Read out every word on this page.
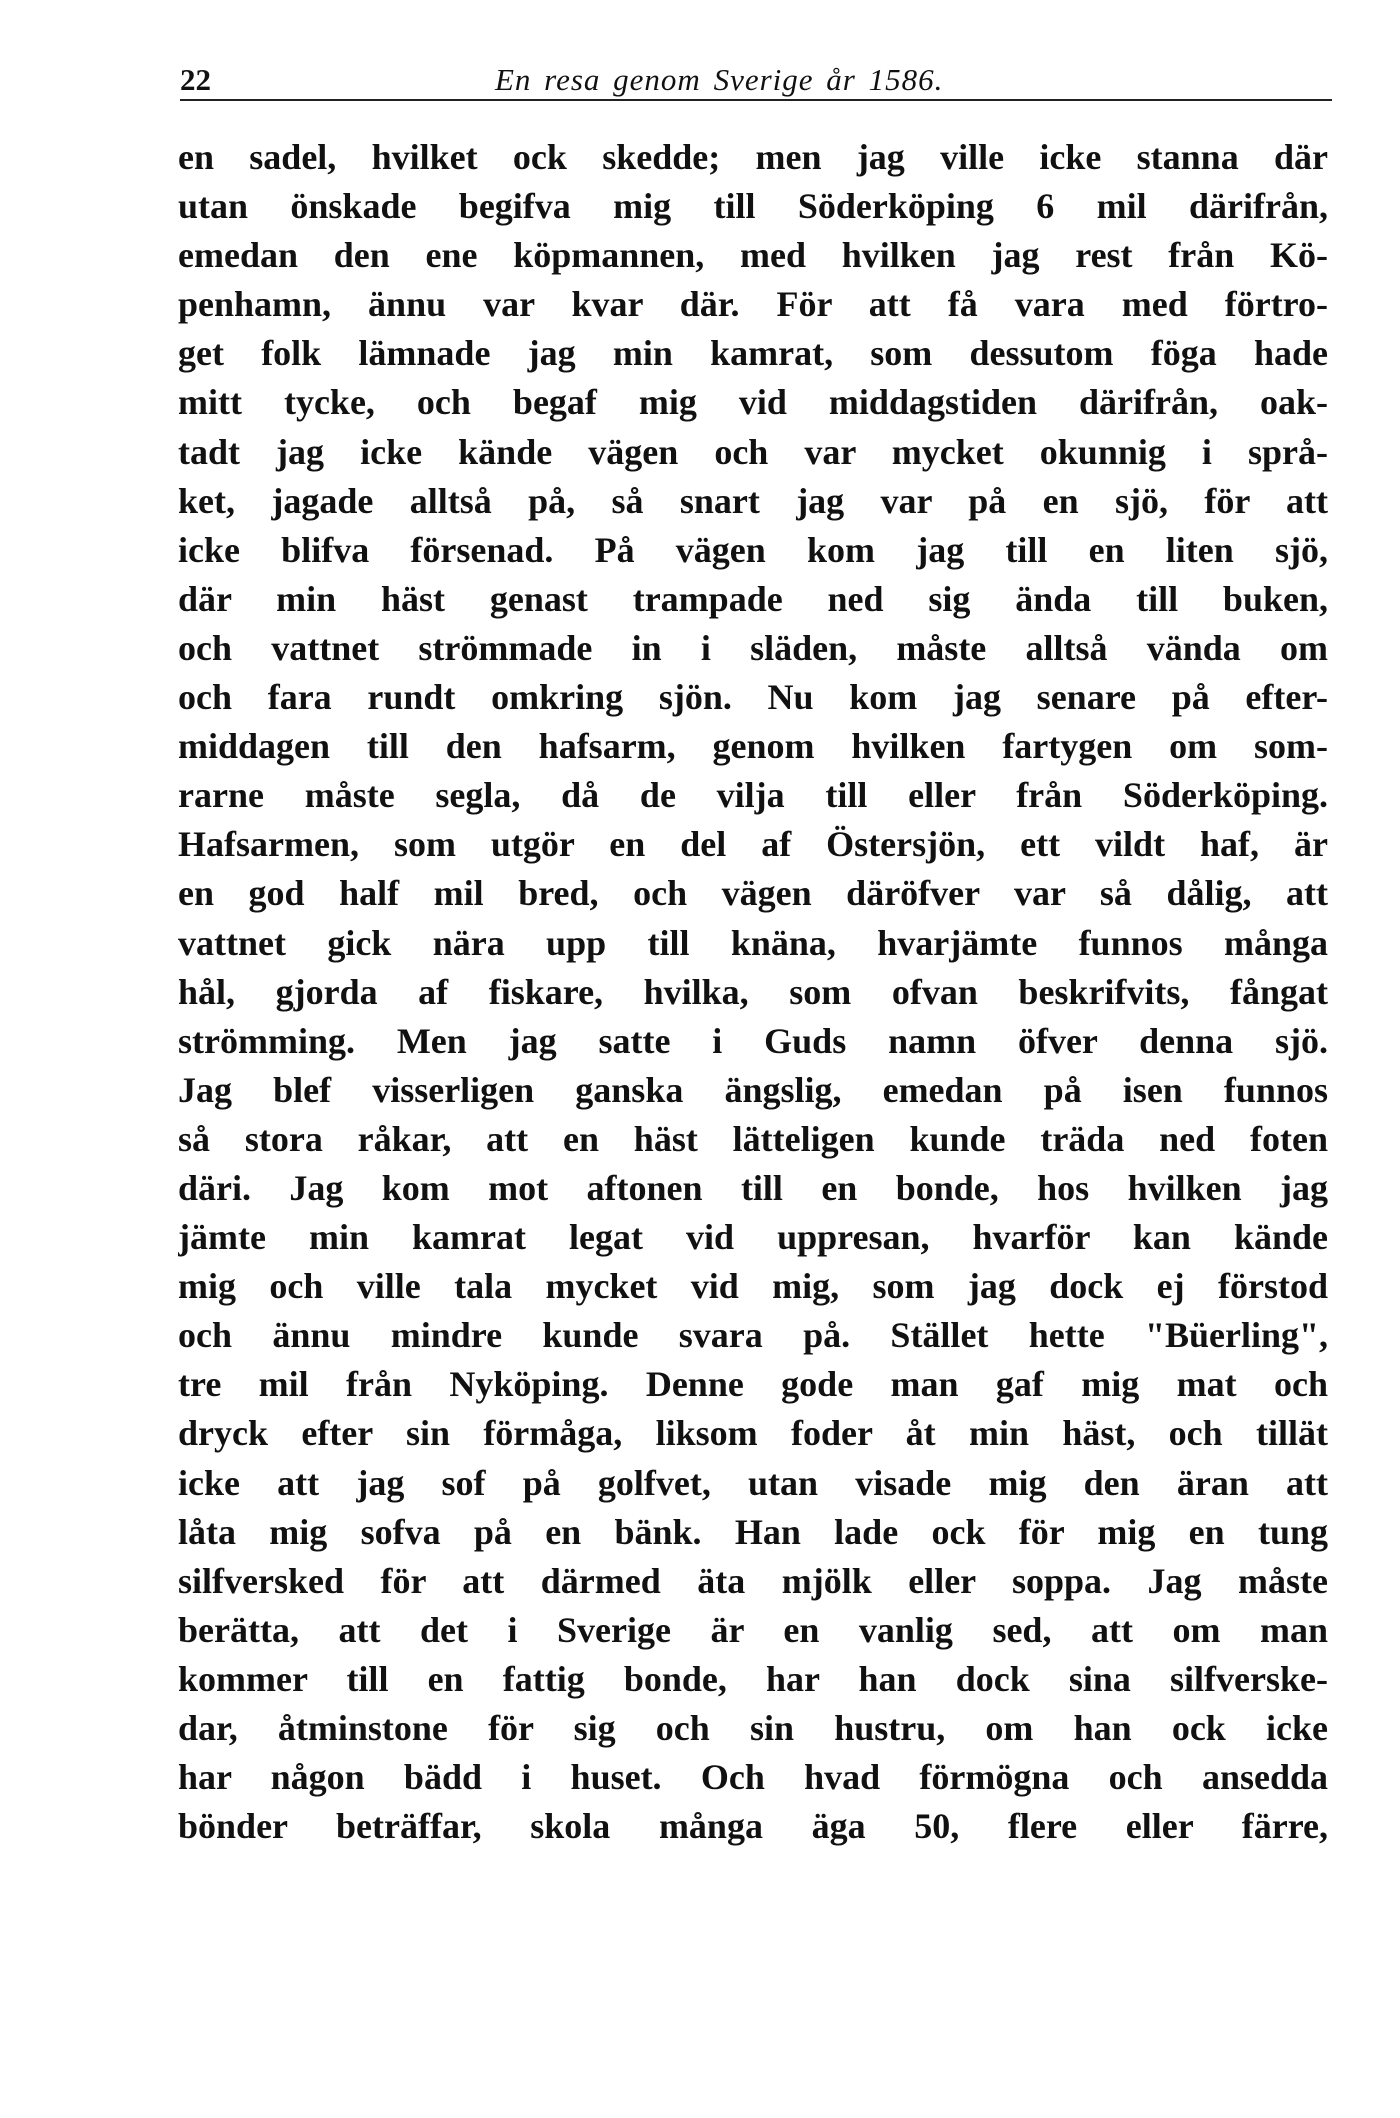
22	En resa genom Sverige år 1586.
en sadel, hvilket ock skedde; men jag ville icke stanna där
utan önskade begifva mig till Söderköping 6 mil därifrån,
emedan den ene köpmannen, med hvilken jag rest från Kö-
penhamn, ännu var kvar där. För att få vara med förtro-
get folk lämnade jag min kamrat, som dessutom föga hade
mitt tycke, och begaf mig vid middagstiden därifrån, oak-
tadt jag icke kände vägen och var mycket okunnig i språ-
ket, jagade alltså på, så snart jag var på en sjö, för att
icke blifva försenad. På vägen kom jag till en liten sjö,
där min häst genast trampade ned sig ända till buken,
och vattnet strömmade in i släden, måste alltså vända om
och fara rundt omkring sjön. Nu kom jag senare på efter-
middagen till den hafsarm, genom hvilken fartygen om som-
rarne måste segla, då de vilja till eller från Söderköping.
Hafsarmen, som utgör en del af Östersjön, ett vildt haf, är
en god half mil bred, och vägen däröfver var så dålig, att
vattnet gick nära upp till knäna, hvarjämte funnos många
hål, gjorda af fiskare, hvilka, som ofvan beskrifvits, fångat
strömming. Men jag satte i Guds namn öfver denna sjö.
Jag blef visserligen ganska ängslig, emedan på isen funnos
så stora råkar, att en häst lätteligen kunde träda ned foten
däri. Jag kom mot aftonen till en bonde, hos hvilken jag
jämte min kamrat legat vid uppresan, hvarför kan kände
mig och ville tala mycket vid mig, som jag dock ej förstod
och ännu mindre kunde svara på. Stället hette "Büerling",
tre mil från Nyköping. Denne gode man gaf mig mat och
dryck efter sin förmåga, liksom foder åt min häst, och tillät
icke att jag sof på golfvet, utan visade mig den äran att
låta mig sofva på en bänk. Han lade ock för mig en tung
silfversked för att därmed äta mjölk eller soppa. Jag måste
berätta, att det i Sverige är en vanlig sed, att om man
kommer till en fattig bonde, har han dock sina silfverske-
dar, åtminstone för sig och sin hustru, om han ock icke
har någon bädd i huset. Och hvad förmögna och ansedda
bönder beträffar, skola många äga 50, flere eller färre,
